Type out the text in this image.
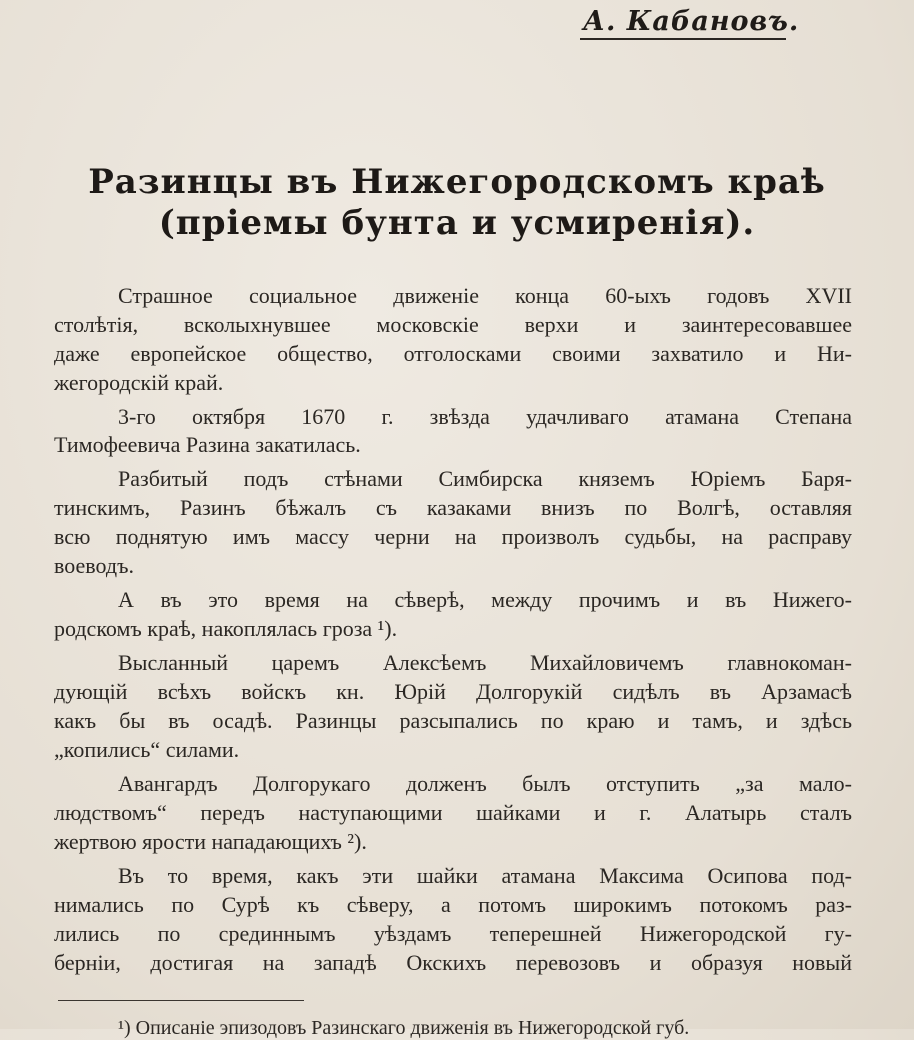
А. Кабановъ.
Разинцы въ Нижегородскомъ краѣ
(пріемы бунта и усмиренія).
Страшное социальное движеніе конца 60-ыхъ годовъ XVII
столѣтія, всколыхнувшее московскіе верхи и заинтересовавшее
даже европейское общество, отголосками своими захватило и Ни-
жегородскій край.
3-го октября 1670 г. звѣзда удачливаго атамана Степана
Тимофеевича Разина закатилась.
Разбитый подъ стѣнами Симбирска княземъ Юріемъ Баря-
тинскимъ, Разинъ бѣжалъ съ казаками внизъ по Волгѣ, оставляя
всю поднятую имъ массу черни на произволъ судьбы, на расправу
воеводъ.
А въ это время на сѣверѣ, между прочимъ и въ Нижего-
родскомъ краѣ, накоплялась гроза ¹).
Высланный царемъ Алексѣемъ Михайловичемъ главнокоман-
дующій всѣхъ войскъ кн. Юрій Долгорукій сидѣлъ въ Арзамасѣ
какъ бы въ осадѣ. Разинцы разсыпались по краю и тамъ, и здѣсь
„копились“ силами.
Авангардъ Долгорукаго долженъ былъ отступить „за мало-
людствомъ“ передъ наступающими шайками и г. Алатырь сталъ
жертвою ярости нападающихъ ²).
Въ то время, какъ эти шайки атамана Максима Осипова под-
нимались по Сурѣ къ сѣверу, а потомъ широкимъ потокомъ раз-
лились по срединнымъ уѣздамъ теперешней Нижегородской гу-
берніи, достигая на западѣ Окскихъ перевозовъ и образуя новый
¹) Описаніе эпизодовъ Разинскаго движенія въ Нижегородской губ.
